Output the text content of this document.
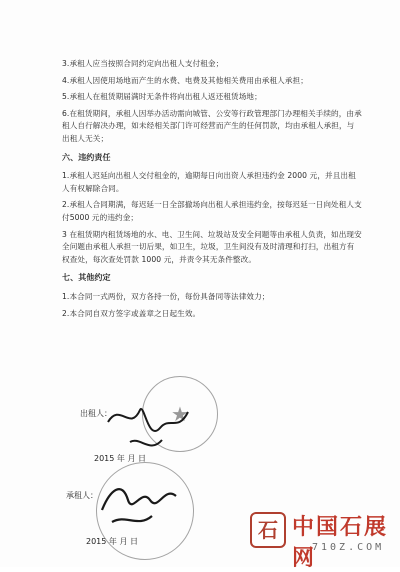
3.承租人应当按照合同约定向出租人支付租金；

4.承租人因使用场地而产生的水费、电费及其他相关费用由承租人承担；

5.承租人在租赁期届满时无条件将向出租人返还租赁场地；

6.在租赁期间，承租人因举办活动需向城管、公安等行政管理部门办理相关手续的，由承租人自行解决办理，如未经相关部门许可经营而产生的任何罚款，均由承租人承担，与出租人无关；

六、违约责任

1.承租人迟延向出租人交付租金的，逾期每日向出资人承担违约金 2000 元，并且出租人有权解除合同。

2.承租人合同期满，每迟延一日全部撤场向出租人承担违约金，按每迟延一日向处租人支付5000 元的违约金；

3 在租赁期内租赁场地的水、电、卫生间、垃圾站及安全问题等由承租人负责，如出现安全问题由承租人承担一切后果，如卫生，垃圾，卫生间没有及时清理和打扫，出租方有权查处，每次查处罚款 1000 元，并责令其无条件整改。

七、其他约定

1.本合同一式两份，双方各持一份，每份具备同等法律效力；

2.本合同自双方签字或盖章之日起生效。

出租人：	★
2015 年 月 日
承租人：
2015 年 月 日	石 中国石展网
710Z.COM
